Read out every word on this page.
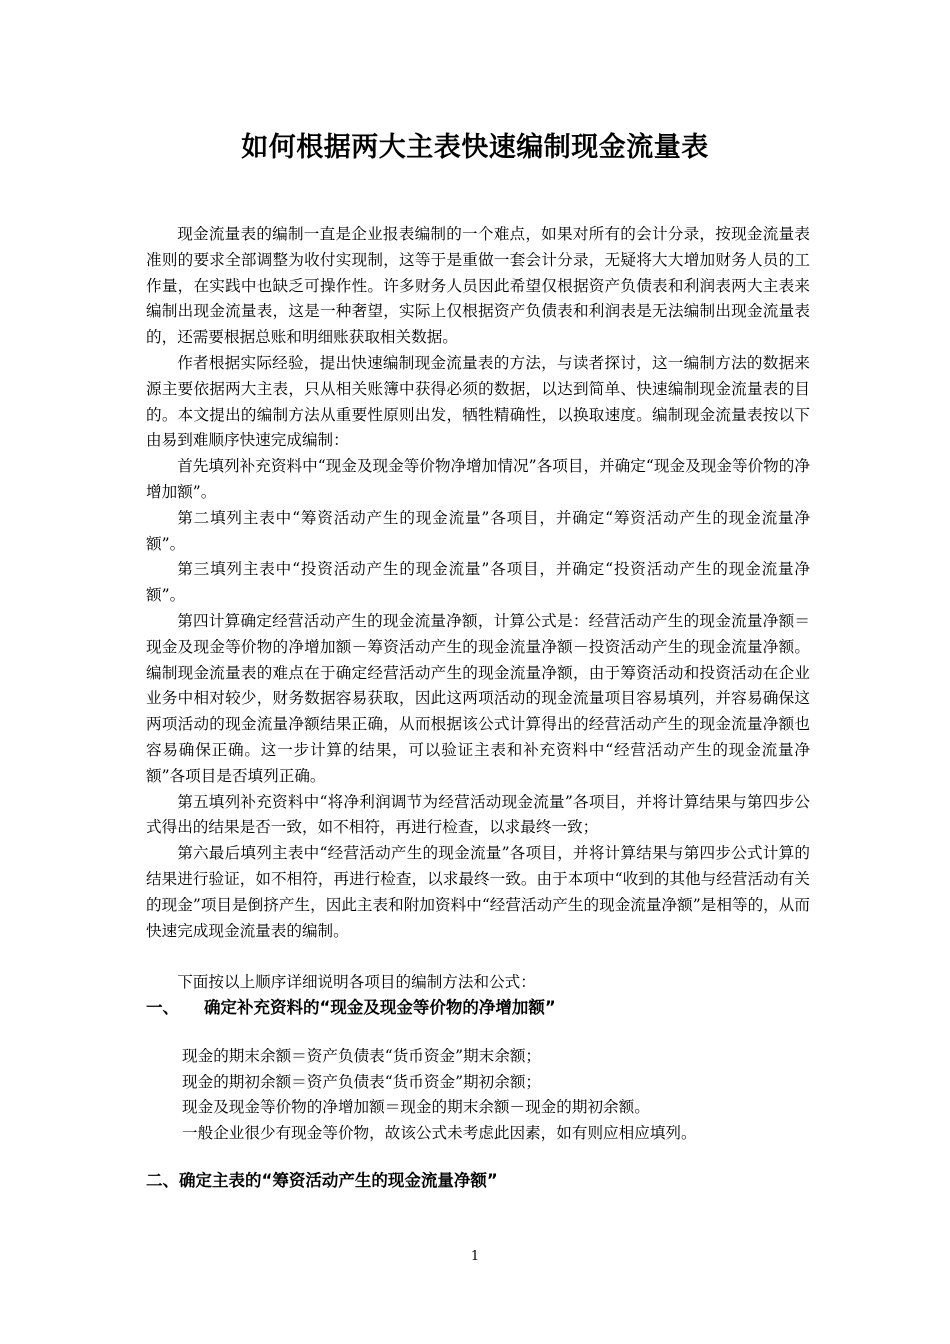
如何根据两大主表快速编制现金流量表

现金流量表的编制一直是企业报表编制的一个难点，如果对所有的会计分录，按现金流量表准则的要求全部调整为收付实现制，这等于是重做一套会计分录，无疑将大大增加财务人员的工作量，在实践中也缺乏可操作性。许多财务人员因此希望仅根据资产负债表和利润表两大主表来编制出现金流量表，这是一种奢望，实际上仅根据资产负债表和利润表是无法编制出现金流量表的，还需要根据总账和明细账获取相关数据。

作者根据实际经验，提出快速编制现金流量表的方法，与读者探讨，这一编制方法的数据来源主要依据两大主表，只从相关账簿中获得必须的数据，以达到简单、快速编制现金流量表的目的。本文提出的编制方法从重要性原则出发，牺牲精确性，以换取速度。编制现金流量表按以下由易到难顺序快速完成编制：

首先填列补充资料中“现金及现金等价物净增加情况”各项目，并确定“现金及现金等价物的净增加额”。

第二填列主表中“筹资活动产生的现金流量”各项目，并确定“筹资活动产生的现金流量净额”。

第三填列主表中“投资活动产生的现金流量”各项目，并确定“投资活动产生的现金流量净额”。

第四计算确定经营活动产生的现金流量净额，计算公式是：经营活动产生的现金流量净额＝现金及现金等价物的净增加额－筹资活动产生的现金流量净额－投资活动产生的现金流量净额。编制现金流量表的难点在于确定经营活动产生的现金流量净额，由于筹资活动和投资活动在企业业务中相对较少，财务数据容易获取，因此这两项活动的现金流量项目容易填列，并容易确保这两项活动的现金流量净额结果正确，从而根据该公式计算得出的经营活动产生的现金流量净额也容易确保正确。这一步计算的结果，可以验证主表和补充资料中“经营活动产生的现金流量净额”各项目是否填列正确。

第五填列补充资料中“将净利润调节为经营活动现金流量”各项目，并将计算结果与第四步公式得出的结果是否一致，如不相符，再进行检查，以求最终一致；

第六最后填列主表中“经营活动产生的现金流量”各项目，并将计算结果与第四步公式计算的结果进行验证，如不相符，再进行检查，以求最终一致。由于本项中“收到的其他与经营活动有关的现金”项目是倒挤产生，因此主表和附加资料中“经营活动产生的现金流量净额”是相等的，从而快速完成现金流量表的编制。

下面按以上顺序详细说明各项目的编制方法和公式：

一、 确定补充资料的“现金及现金等价物的净增加额”

现金的期末余额＝资产负债表“货币资金”期末余额；

现金的期初余额＝资产负债表“货币资金”期初余额；

现金及现金等价物的净增加额＝现金的期末余额－现金的期初余额。

一般企业很少有现金等价物，故该公式未考虑此因素，如有则应相应填列。

二、确定主表的“筹资活动产生的现金流量净额”
1
